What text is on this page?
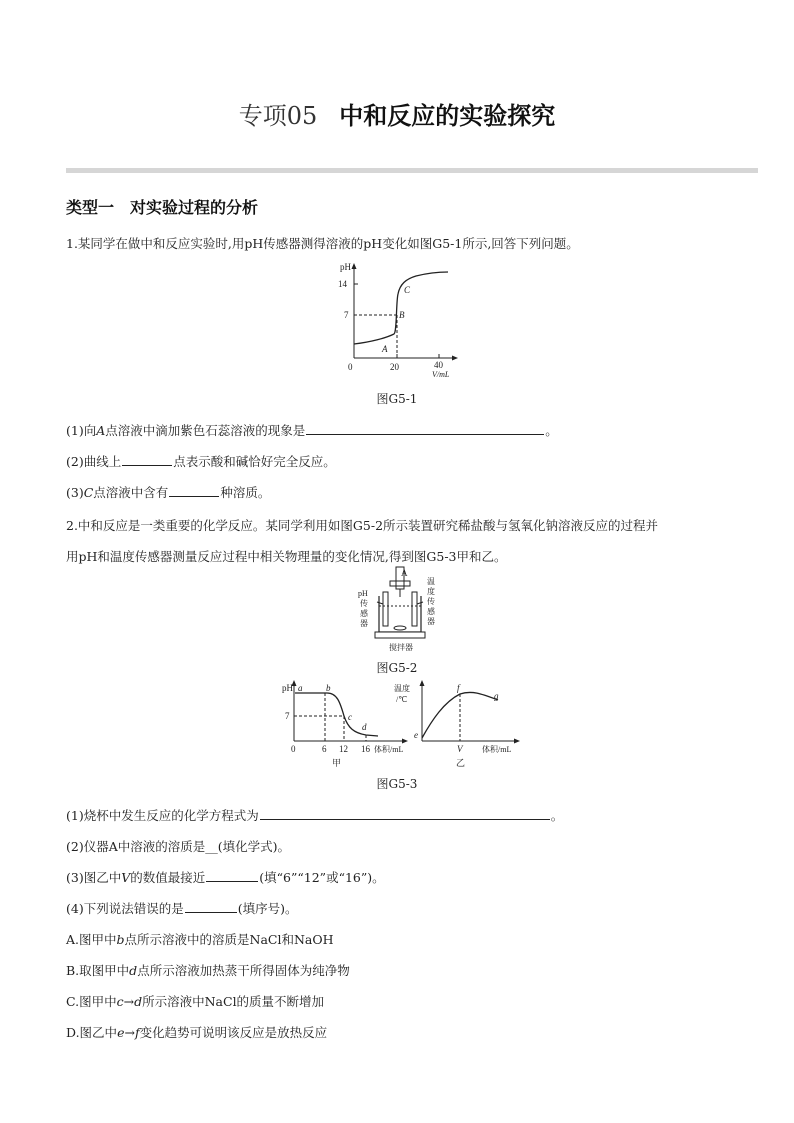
专项05 中和反应的实验探究
类型一　对实验过程的分析
1.某同学在做中和反应实验时,用pH传感器测得溶液的pH变化如图G5-1所示,回答下列问题。
pH
14
7
0	20	40
V/mL
A
B
C
图G5-1
(1)向A点溶液中滴加紫色石蕊溶液的现象是	。
(2)曲线上	点表示酸和碱恰好完全反应。
(3)C点溶液中含有	种溶质。
2.中和反应是一类重要的化学反应。某同学利用如图G5-2所示装置研究稀盐酸与氢氧化钠溶液反应的过程并
用pH和温度传感器测量反应过程中相关物理量的变化情况,得到图G5-3甲和乙。
A
pH
传
感
器
温
度
传
感
器
搅拌器
图G5-2
pH
7
0	6 12 16 体积/mL
a	b
c
d
甲
温度
/℃
e
f
g
V 体积/mL
乙
图G5-3
(1)烧杯中发生反应的化学方程式为	。
(2)仪器A中溶液的溶质是__(填化学式)。
(3)图乙中V的数值最接近	(填“6”“12”或“16”)。
(4)下列说法错误的是	(填序号)。
A.图甲中b点所示溶液中的溶质是NaCl和NaOH
B.取图甲中d点所示溶液加热蒸干所得固体为纯净物
C.图甲中c→d所示溶液中NaCl的质量不断增加
D.图乙中e→f变化趋势可说明该反应是放热反应
